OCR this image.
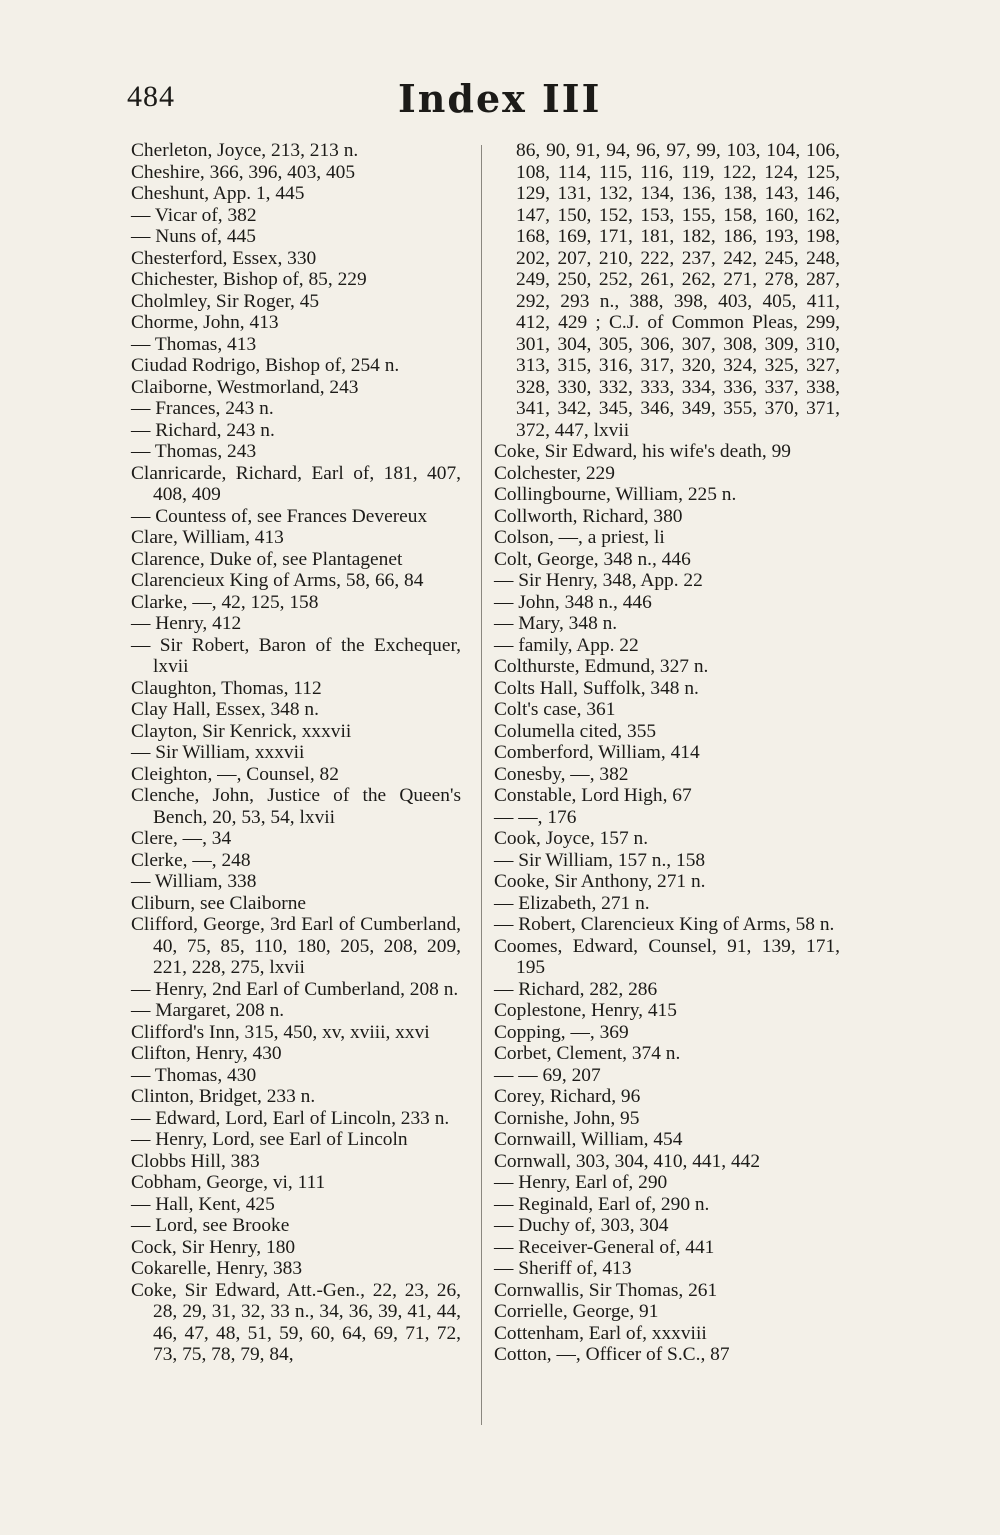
484	Index III

Cherleton, Joyce, 213, 213 n.

Cheshire, 366, 396, 403, 405

Cheshunt, App. 1, 445

— Vicar of, 382

— Nuns of, 445

Chesterford, Essex, 330

Chichester, Bishop of, 85, 229

Cholmley, Sir Roger, 45

Chorme, John, 413

— Thomas, 413

Ciudad Rodrigo, Bishop of, 254 n.

Claiborne, Westmorland, 243

— Frances, 243 n.

— Richard, 243 n.

— Thomas, 243

Clanricarde, Richard, Earl of, 181, 407, 408, 409

— Countess of, see Frances Devereux

Clare, William, 413

Clarence, Duke of, see Plantagenet

Clarencieux King of Arms, 58, 66, 84

Clarke, —, 42, 125, 158

— Henry, 412

— Sir Robert, Baron of the Exchequer, lxvii

Claughton, Thomas, 112

Clay Hall, Essex, 348 n.

Clayton, Sir Kenrick, xxxvii

— Sir William, xxxvii

Cleighton, —, Counsel, 82

Clenche, John, Justice of the Queen's Bench, 20, 53, 54, lxvii

Clere, —, 34

Clerke, —, 248

— William, 338

Cliburn, see Claiborne

Clifford, George, 3rd Earl of Cumberland, 40, 75, 85, 110, 180, 205, 208, 209, 221, 228, 275, lxvii

— Henry, 2nd Earl of Cumberland, 208 n.

— Margaret, 208 n.

Clifford's Inn, 315, 450, xv, xviii, xxvi

Clifton, Henry, 430

— Thomas, 430

Clinton, Bridget, 233 n.

— Edward, Lord, Earl of Lincoln, 233 n.

— Henry, Lord, see Earl of Lincoln

Clobbs Hill, 383

Cobham, George, vi, 111

— Hall, Kent, 425

— Lord, see Brooke

Cock, Sir Henry, 180

Cokarelle, Henry, 383

Coke, Sir Edward, Att.-Gen., 22, 23, 26, 28, 29, 31, 32, 33 n., 34, 36, 39, 41, 44, 46, 47, 48, 51, 59, 60, 64, 69, 71, 72, 73, 75, 78, 79, 84,

86, 90, 91, 94, 96, 97, 99, 103, 104, 106, 108, 114, 115, 116, 119, 122, 124, 125, 129, 131, 132, 134, 136, 138, 143, 146, 147, 150, 152, 153, 155, 158, 160, 162, 168, 169, 171, 181, 182, 186, 193, 198, 202, 207, 210, 222, 237, 242, 245, 248, 249, 250, 252, 261, 262, 271, 278, 287, 292, 293 n., 388, 398, 403, 405, 411, 412, 429 ; C.J. of Common Pleas, 299, 301, 304, 305, 306, 307, 308, 309, 310, 313, 315, 316, 317, 320, 324, 325, 327, 328, 330, 332, 333, 334, 336, 337, 338, 341, 342, 345, 346, 349, 355, 370, 371, 372, 447, lxvii

Coke, Sir Edward, his wife's death, 99

Colchester, 229

Collingbourne, William, 225 n.

Collworth, Richard, 380

Colson, —, a priest, li

Colt, George, 348 n., 446

— Sir Henry, 348, App. 22

— John, 348 n., 446

— Mary, 348 n.

— family, App. 22

Colthurste, Edmund, 327 n.

Colts Hall, Suffolk, 348 n.

Colt's case, 361

Columella cited, 355

Comberford, William, 414

Conesby, —, 382

Constable, Lord High, 67

— —, 176

Cook, Joyce, 157 n.

— Sir William, 157 n., 158

Cooke, Sir Anthony, 271 n.

— Elizabeth, 271 n.

— Robert, Clarencieux King of Arms, 58 n.

Coomes, Edward, Counsel, 91, 139, 171, 195

— Richard, 282, 286

Coplestone, Henry, 415

Copping, —, 369

Corbet, Clement, 374 n.

— — 69, 207

Corey, Richard, 96

Cornishe, John, 95

Cornwaill, William, 454

Cornwall, 303, 304, 410, 441, 442

— Henry, Earl of, 290

— Reginald, Earl of, 290 n.

— Duchy of, 303, 304

— Receiver-General of, 441

— Sheriff of, 413

Cornwallis, Sir Thomas, 261

Corrielle, George, 91

Cottenham, Earl of, xxxviii

Cotton, —, Officer of S.C., 87
